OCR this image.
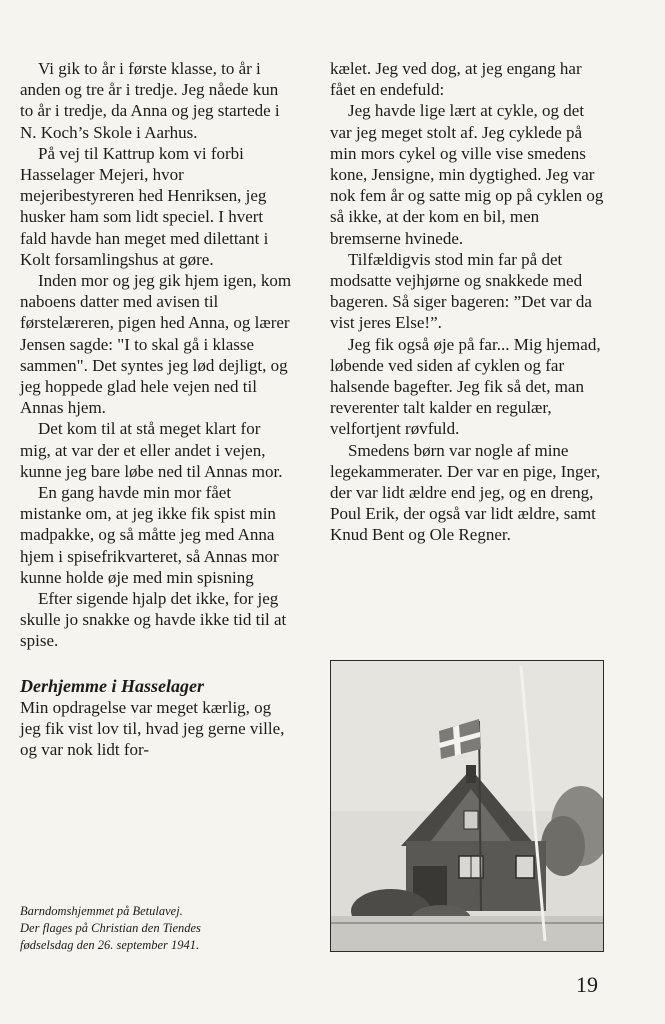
Vi gik to år i første klasse, to år i anden og tre år i tredje. Jeg nåede kun to år i tredje, da Anna og jeg startede i N. Koch’s Skole i Aarhus.

På vej til Kattrup kom vi forbi Hasselager Mejeri, hvor mejeribestyreren hed Henriksen, jeg husker ham som lidt speciel. I hvert fald havde han meget med dilettant i Kolt forsamlingshus at gøre.

Inden mor og jeg gik hjem igen, kom naboens datter med avisen til førstelæreren, pigen hed Anna, og lærer Jensen sagde: "I to skal gå i klasse sammen". Det syntes jeg lød dejligt, og jeg hoppede glad hele vejen ned til Annas hjem.

Det kom til at stå meget klart for mig, at var der et eller andet i vejen, kunne jeg bare løbe ned til Annas mor.

En gang havde min mor fået mistanke om, at jeg ikke fik spist min madpakke, og så måtte jeg med Anna hjem i spisefrikvarteret, så Annas mor kunne holde øje med min spisning

Efter sigende hjalp det ikke, for jeg skulle jo snakke og havde ikke tid til at spise.

Derhjemme i Hasselager

Min opdragelse var meget kærlig, og jeg fik vist lov til, hvad jeg gerne ville, og var nok lidt for-

kælet. Jeg ved dog, at jeg engang har fået en endefuld:

Jeg havde lige lært at cykle, og det var jeg meget stolt af. Jeg cyklede på min mors cykel og ville vise smedens kone, Jensigne, min dygtighed. Jeg var nok fem år og satte mig op på cyklen og så ikke, at der kom en bil, men bremserne hvinede.

Tilfældigvis stod min far på det modsatte vejhjørne og snakkede med bageren. Så siger bageren: ”Det var da vist jeres Else!”.

Jeg fik også øje på far... Mig hjemad, løbende ved siden af cyklen og far halsende bagefter. Jeg fik så det, man reverenter talt kalder en regulær, velfortjent røvfuld.

Smedens børn var nogle af mine legekammerater. Der var en pige, Inger, der var lidt ældre end jeg, og en dreng, Poul Erik, der også var lidt ældre, samt Knud Bent og Ole Regner.

Barndomshjemmet på Betulavej.
Der flages på Christian den Tiendes
fødselsdag den 26. september 1941.
19
